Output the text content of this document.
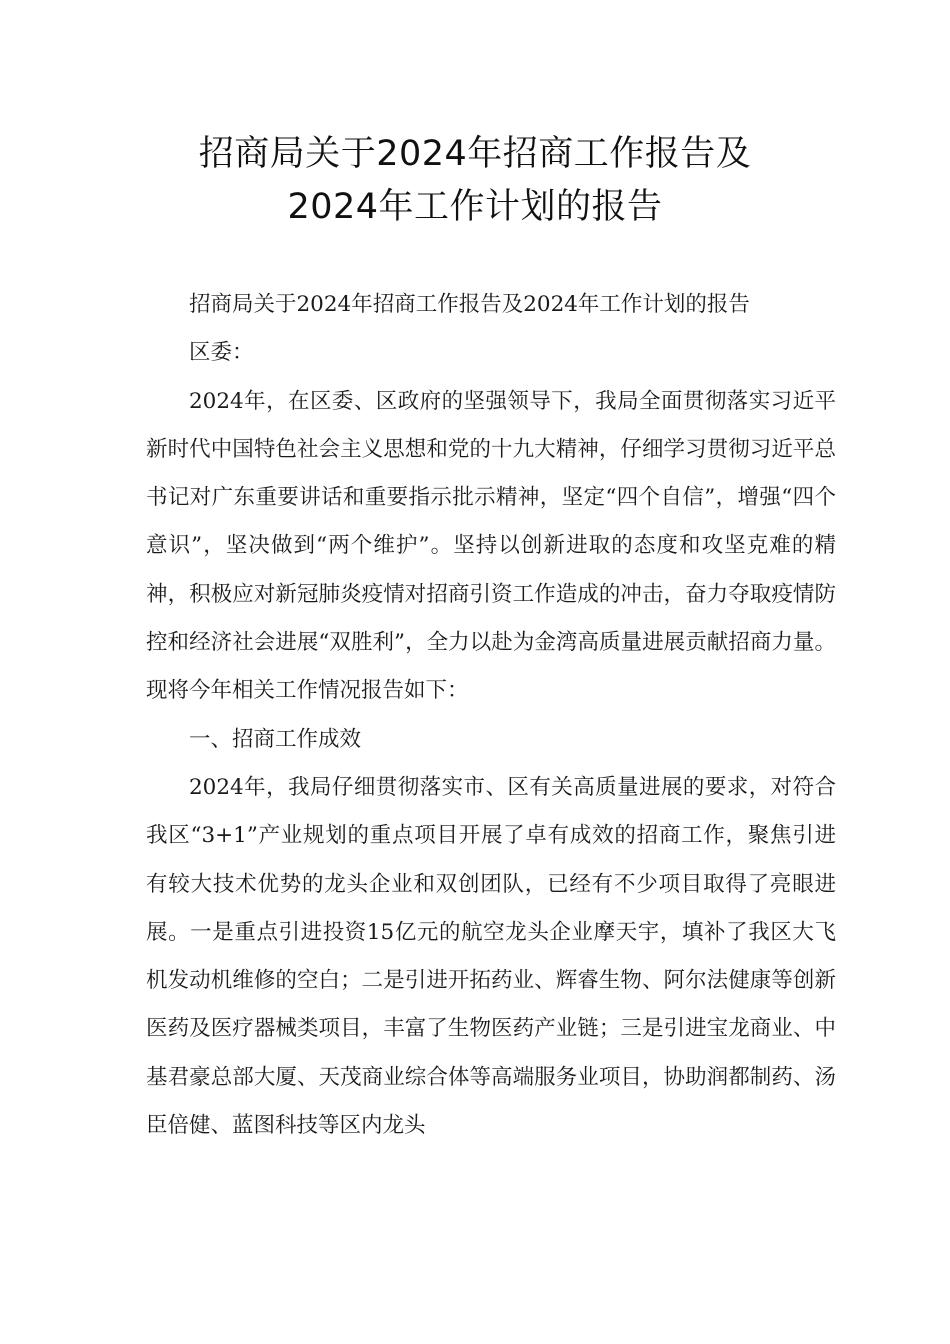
招商局关于2024年招商工作报告及
2024年工作计划的报告

招商局关于2024年招商工作报告及2024年工作计划的报告

区委：

2024年，在区委、区政府的坚强领导下，我局全面贯彻落实习近平新时代中国特色社会主义思想和党的十九大精神，仔细学习贯彻习近平总书记对广东重要讲话和重要指示批示精神，坚定“四个自信”，增强“四个意识”，坚决做到“两个维护”。坚持以创新进取的态度和攻坚克难的精神，积极应对新冠肺炎疫情对招商引资工作造成的冲击，奋力夺取疫情防控和经济社会进展“双胜利”，全力以赴为金湾高质量进展贡献招商力量。现将今年相关工作情况报告如下：

一、招商工作成效

2024年，我局仔细贯彻落实市、区有关高质量进展的要求，对符合我区“3+1”产业规划的重点项目开展了卓有成效的招商工作，聚焦引进有较大技术优势的龙头企业和双创团队，已经有不少项目取得了亮眼进展。一是重点引进投资15亿元的航空龙头企业摩天宇，填补了我区大飞机发动机维修的空白；二是引进开拓药业、辉睿生物、阿尔法健康等创新医药及医疗器械类项目，丰富了生物医药产业链；三是引进宝龙商业、中基君豪总部大厦、天茂商业综合体等高端服务业项目，协助润都制药、汤臣倍健、蓝图科技等区内龙头
